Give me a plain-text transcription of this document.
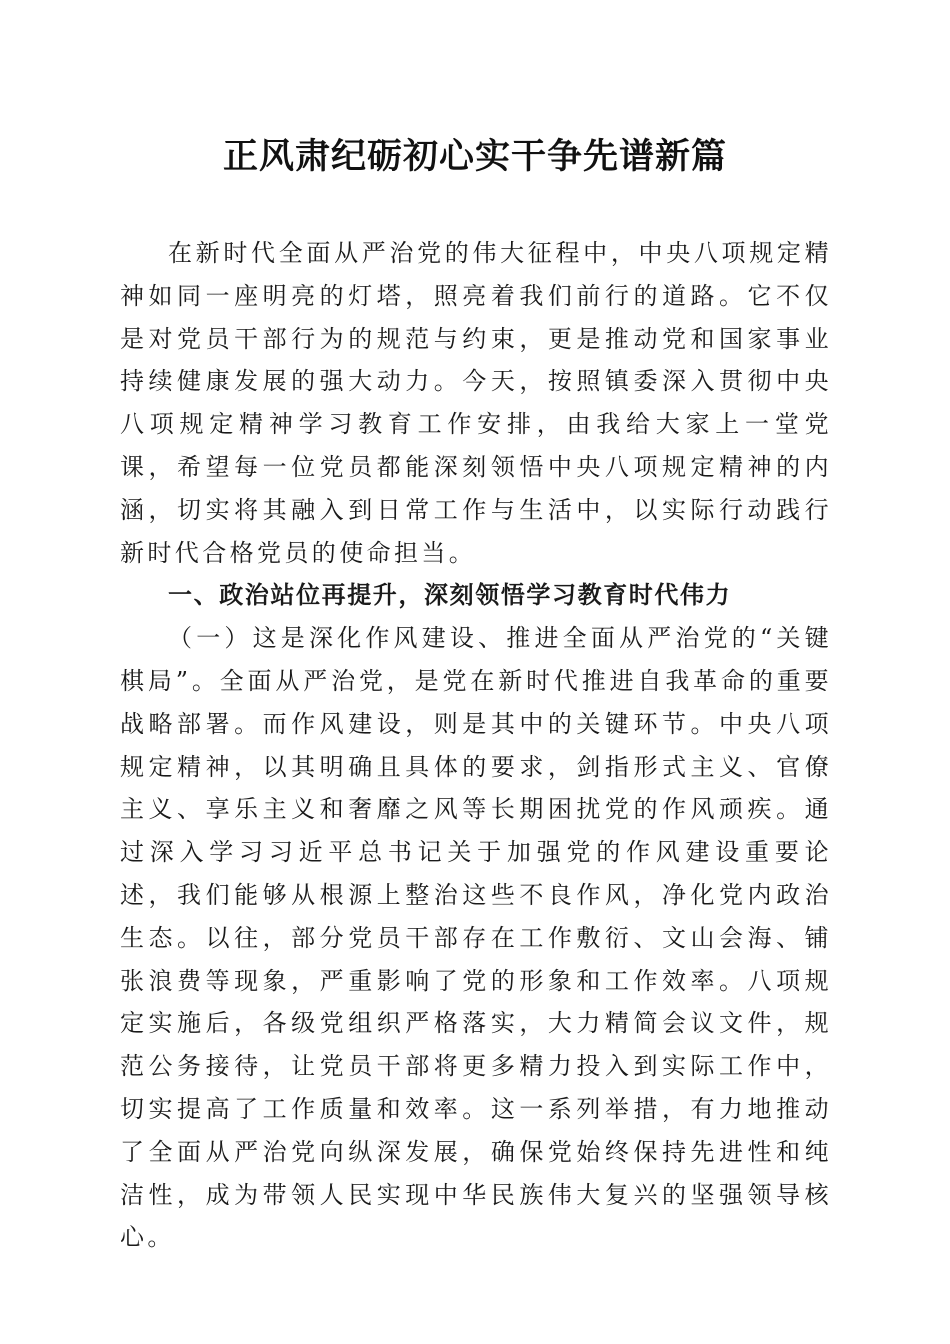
正风肃纪砺初心实干争先谱新篇

在新时代全面从严治党的伟大征程中，中央八项规定精神如同一座明亮的灯塔，照亮着我们前行的道路。它不仅是对党员干部行为的规范与约束，更是推动党和国家事业持续健康发展的强大动力。今天，按照镇委深入贯彻中央八项规定精神学习教育工作安排，由我给大家上一堂党课，希望每一位党员都能深刻领悟中央八项规定精神的内涵，切实将其融入到日常工作与生活中，以实际行动践行新时代合格党员的使命担当。

一、政治站位再提升，深刻领悟学习教育时代伟力

（一）这是深化作风建设、推进全面从严治党的“关键棋局”。全面从严治党，是党在新时代推进自我革命的重要战略部署。而作风建设，则是其中的关键环节。中央八项规定精神，以其明确且具体的要求，剑指形式主义、官僚主义、享乐主义和奢靡之风等长期困扰党的作风顽疾。通过深入学习习近平总书记关于加强党的作风建设重要论述，我们能够从根源上整治这些不良作风，净化党内政治生态。以往，部分党员干部存在工作敷衍、文山会海、铺张浪费等现象，严重影响了党的形象和工作效率。八项规定实施后，各级党组织严格落实，大力精简会议文件，规范公务接待，让党员干部将更多精力投入到实际工作中，切实提高了工作质量和效率。这一系列举措，有力地推动了全面从严治党向纵深发展，确保党始终保持先进性和纯洁性，成为带领人民实现中华民族伟大复兴的坚强领导核心。
